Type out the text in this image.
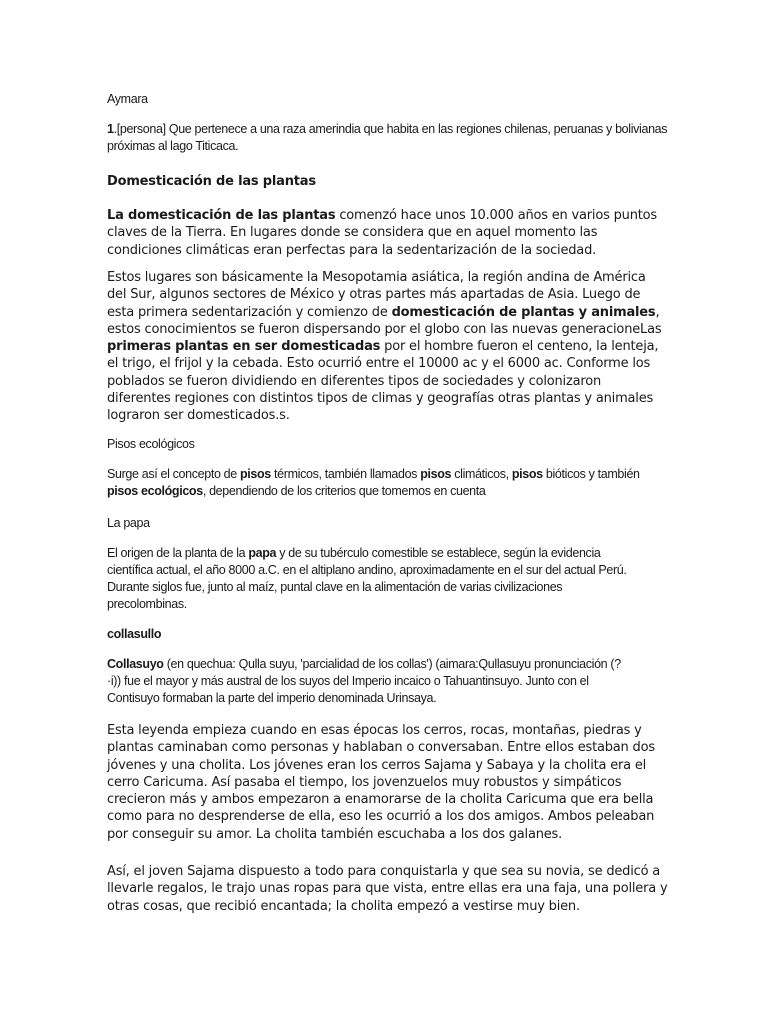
Aymara

1.[persona] Que pertenece a una raza amerindia que habita en las regiones chilenas, peruanas y bolivianas próximas al lago Titicaca.

Domesticación de las plantas

La domesticación de las plantas comenzó hace unos 10.000 años en varios puntos claves de la Tierra. En lugares donde se considera que en aquel momento las condiciones climáticas eran perfectas para la sedentarización de la sociedad.

Estos lugares son básicamente la Mesopotamia asiática, la región andina de América del Sur, algunos sectores de México y otras partes más apartadas de Asia. Luego de esta primera sedentarización y comienzo de domesticación de plantas y animales, estos conocimientos se fueron dispersando por el globo con las nuevas generacioneLas primeras plantas en ser domesticadas por el hombre fueron el centeno, la lenteja, el trigo, el frijol y la cebada. Esto ocurrió entre el 10000 ac y el 6000 ac. Conforme los poblados se fueron dividiendo en diferentes tipos de sociedades y colonizaron diferentes regiones con distintos tipos de climas y geografías otras plantas y animales lograron ser domesticados.s.

Pisos ecológicos

Surge así el concepto de pisos térmicos, también llamados pisos climáticos, pisos bióticos y también pisos ecológicos, dependiendo de los criterios que tomemos en cuenta

La papa

El origen de la planta de la papa y de su tubérculo comestible se establece, según la evidencia científica actual, el año 8000 a.C. en el altiplano andino, aproximadamente en el sur del actual Perú. Durante siglos fue, junto al maíz, puntal clave en la alimentación de varias civilizaciones precolombinas.

collasullo

Collasuyo (en quechua: Qulla suyu, 'parcialidad de los collas') (aimara:Qullasuyu pronunciación (? ·i)) fue el mayor y más austral de los suyos del Imperio incaico o Tahuantinsuyo. Junto con el Contisuyo formaban la parte del imperio denominada Urinsaya.

Esta leyenda empieza cuando en esas épocas los cerros, rocas, montañas, piedras y plantas caminaban como personas y hablaban o conversaban. Entre ellos estaban dos jóvenes y una cholita. Los jóvenes eran los cerros Sajama y Sabaya y la cholita era el cerro Caricuma. Así pasaba el tiempo, los jovenzuelos muy robustos y simpáticos crecieron más y ambos empezaron a enamorarse de la cholita Caricuma que era bella como para no desprenderse de ella, eso les ocurrió a los dos amigos. Ambos peleaban por conseguir su amor. La cholita también escuchaba a los dos galanes.

Así, el joven Sajama dispuesto a todo para conquistarla y que sea su novia, se dedicó a llevarle regalos, le trajo unas ropas para que vista, entre ellas era una faja, una pollera y otras cosas, que recibió encantada; la cholita empezó a vestirse muy bien.
